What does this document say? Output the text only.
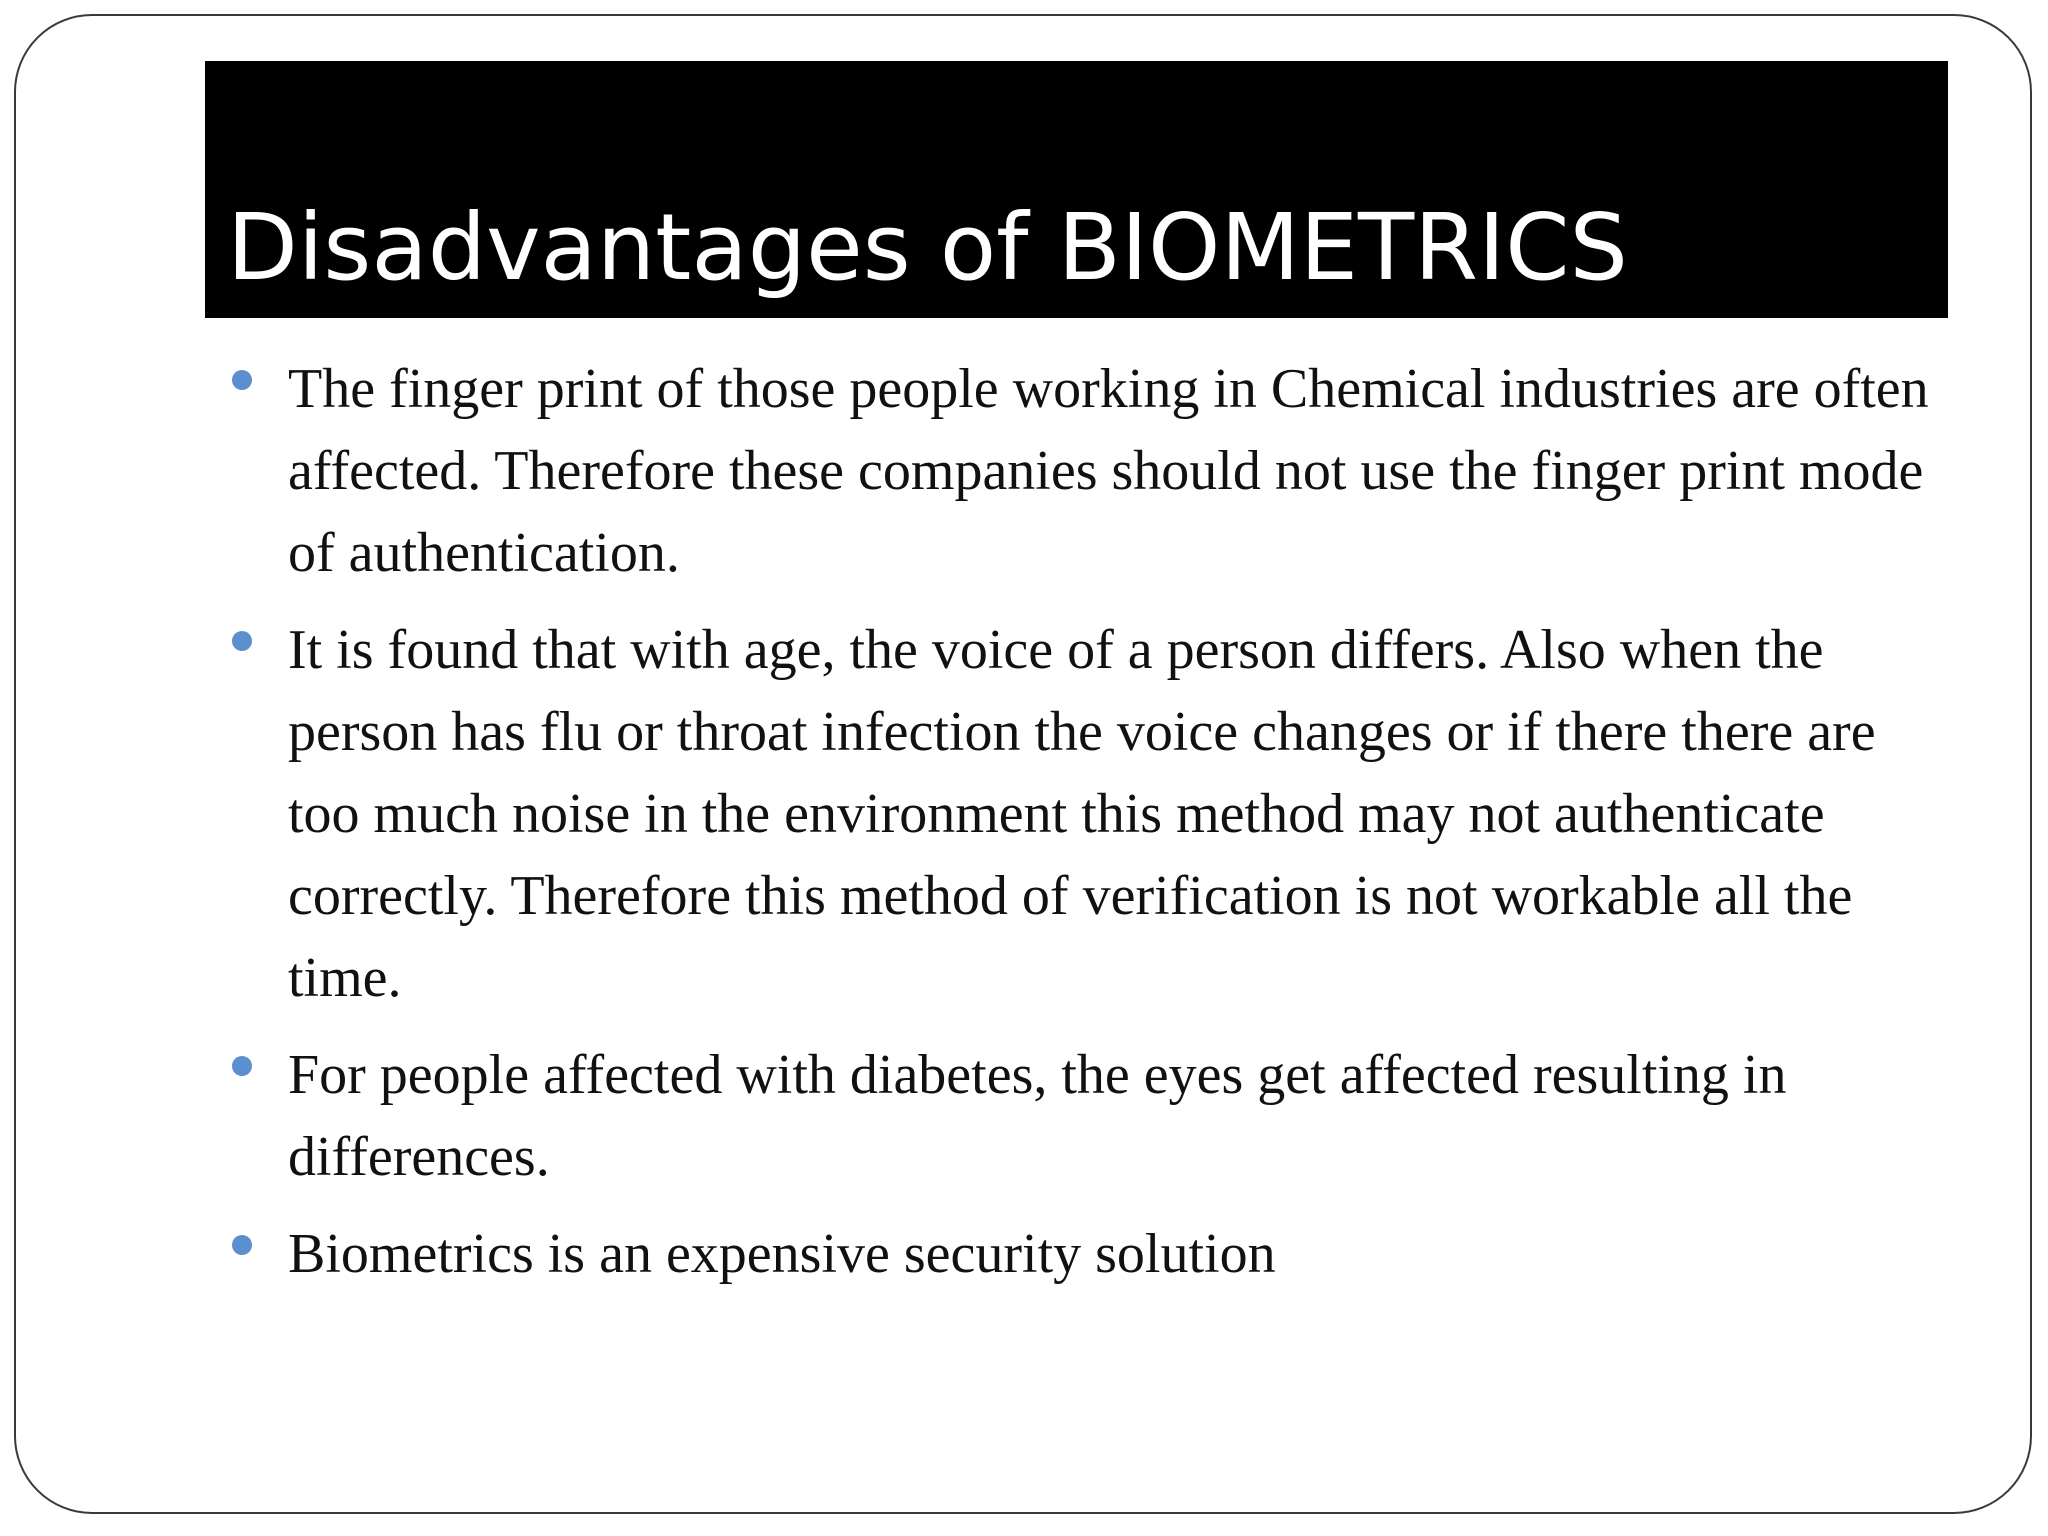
Disadvantages of BIOMETRICS
The finger print of those people working in Chemical industries are often affected. Therefore these companies should not use the finger print mode of authentication.
It is found that with age, the voice of a person differs. Also when the person has flu or throat infection the voice changes or if there there are too much noise in the environment this method may not authenticate correctly. Therefore this method of verification is not workable all the time.
For people affected with diabetes, the eyes get affected resulting in differences.
Biometrics is an expensive security solution
